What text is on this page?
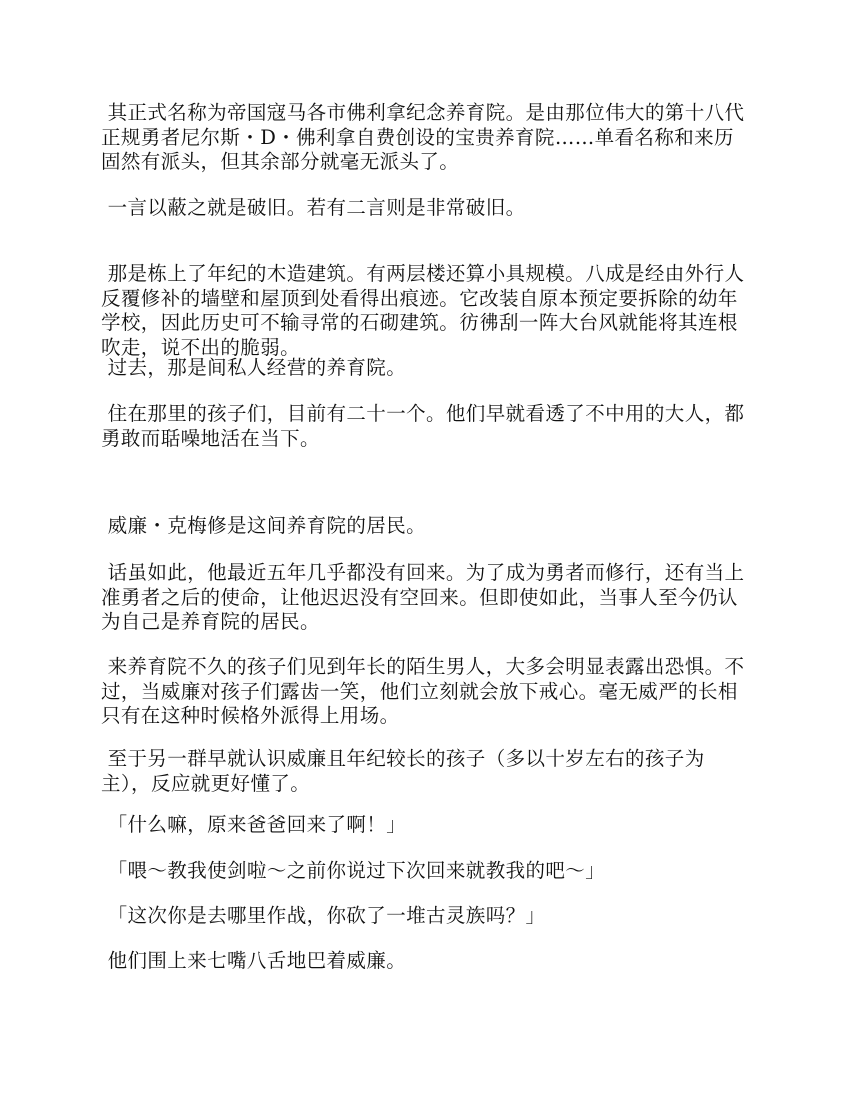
其正式名称为帝国寇马各市佛利拿纪念养育院。是由那位伟大的第十八代正规勇者尼尔斯・D・佛利拿自费创设的宝贵养育院……单看名称和来历固然有派头，但其余部分就毫无派头了。

一言以蔽之就是破旧。若有二言则是非常破旧。

那是栋上了年纪的木造建筑。有两层楼还算小具规模。八成是经由外行人反覆修补的墙壁和屋顶到处看得出痕迹。它改装自原本预定要拆除的幼年学校，因此历史可不输寻常的石砌建筑。彷彿刮一阵大台风就能将其连根吹走，说不出的脆弱。

过去，那是间私人经营的养育院。

住在那里的孩子们，目前有二十一个。他们早就看透了不中用的大人，都勇敢而聒噪地活在当下。

威廉・克梅修是这间养育院的居民。

话虽如此，他最近五年几乎都没有回来。为了成为勇者而修行，还有当上准勇者之后的使命，让他迟迟没有空回来。但即使如此，当事人至今仍认为自己是养育院的居民。

来养育院不久的孩子们见到年长的陌生男人，大多会明显表露出恐惧。不过，当威廉对孩子们露齿一笑，他们立刻就会放下戒心。毫无威严的长相只有在这种时候格外派得上用场。

至于另一群早就认识威廉且年纪较长的孩子（多以十岁左右的孩子为主），反应就更好懂了。

「什么嘛，原来爸爸回来了啊！」

「喂～教我使剑啦～之前你说过下次回来就教我的吧～」

「这次你是去哪里作战，你砍了一堆古灵族吗？」

他们围上来七嘴八舌地巴着威廉。
